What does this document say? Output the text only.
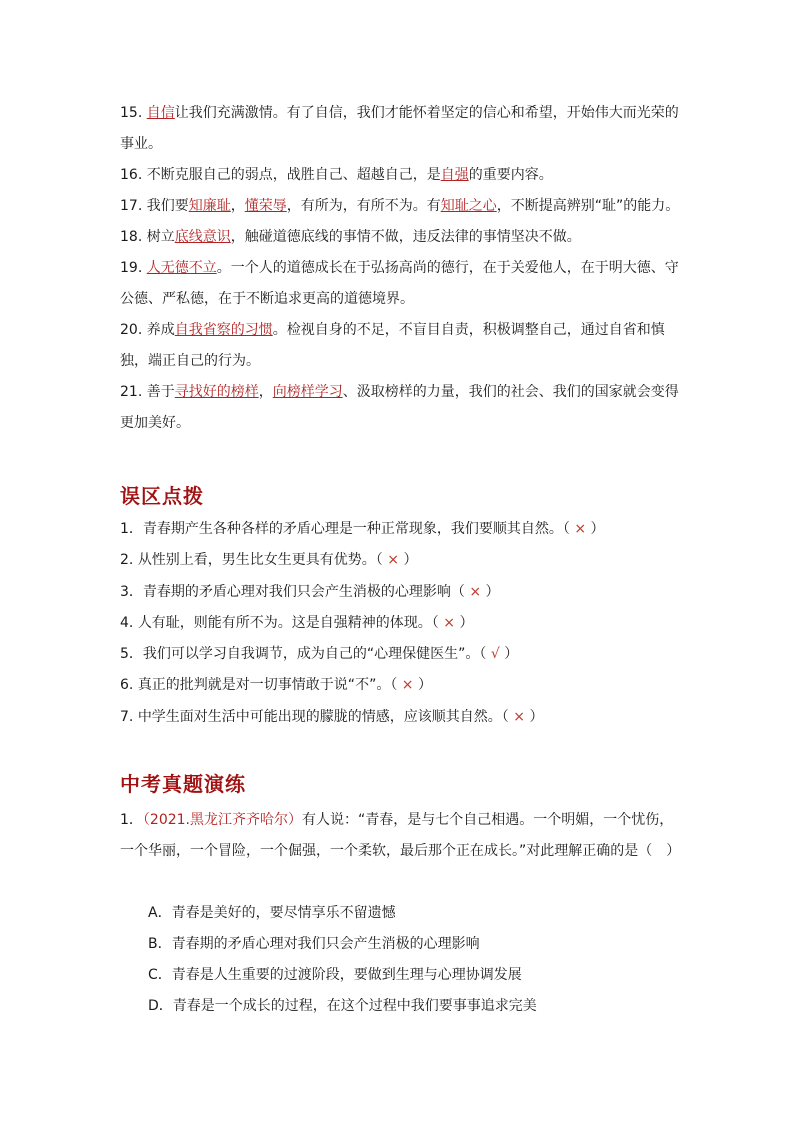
15. 自信让我们充满激情。有了自信，我们才能怀着坚定的信心和希望，开始伟大而光荣的事业。

16. 不断克服自己的弱点，战胜自己、超越自己，是自强的重要内容。

17. 我们要知廉耻，懂荣辱，有所为，有所不为。有知耻之心，不断提高辨别“耻”的能力。

18. 树立底线意识，触碰道德底线的事情不做，违反法律的事情坚决不做。

19. 人无德不立。一个人的道德成长在于弘扬高尚的德行，在于关爱他人，在于明大德、守公德、严私德，在于不断追求更高的道德境界。

20. 养成自我省察的习惯。检视自身的不足，不盲目自责，积极调整自己，通过自省和慎独，端正自己的行为。

21. 善于寻找好的榜样，向榜样学习、汲取榜样的力量，我们的社会、我们的国家就会变得更加美好。

误区点拨
1．青春期产生各种各样的矛盾心理是一种正常现象，我们要顺其自然。（ × ）
2. 从性别上看，男生比女生更具有优势。（ × ）
3．青春期的矛盾心理对我们只会产生消极的心理影响（ × ）
4. 人有耻，则能有所不为。这是自强精神的体现。（ × ）
5．我们可以学习自我调节，成为自己的“心理保健医生”。（ √ ）
6. 真正的批判就是对一切事情敢于说“不”。（ × ）
7. 中学生面对生活中可能出现的朦胧的情感，应该顺其自然。（ × ）
中考真题演练
1．（2021.黑龙江齐齐哈尔）有人说：“青春，是与七个自己相遇。一个明媚，一个忧伤，一个华丽，一个冒险，一个倔强，一个柔软，最后那个正在成长。”对此理解正确的是（　）
A．青春是美好的，要尽情享乐不留遗憾
B．青春期的矛盾心理对我们只会产生消极的心理影响
C．青春是人生重要的过渡阶段，要做到生理与心理协调发展
D．青春是一个成长的过程，在这个过程中我们要事事追求完美
